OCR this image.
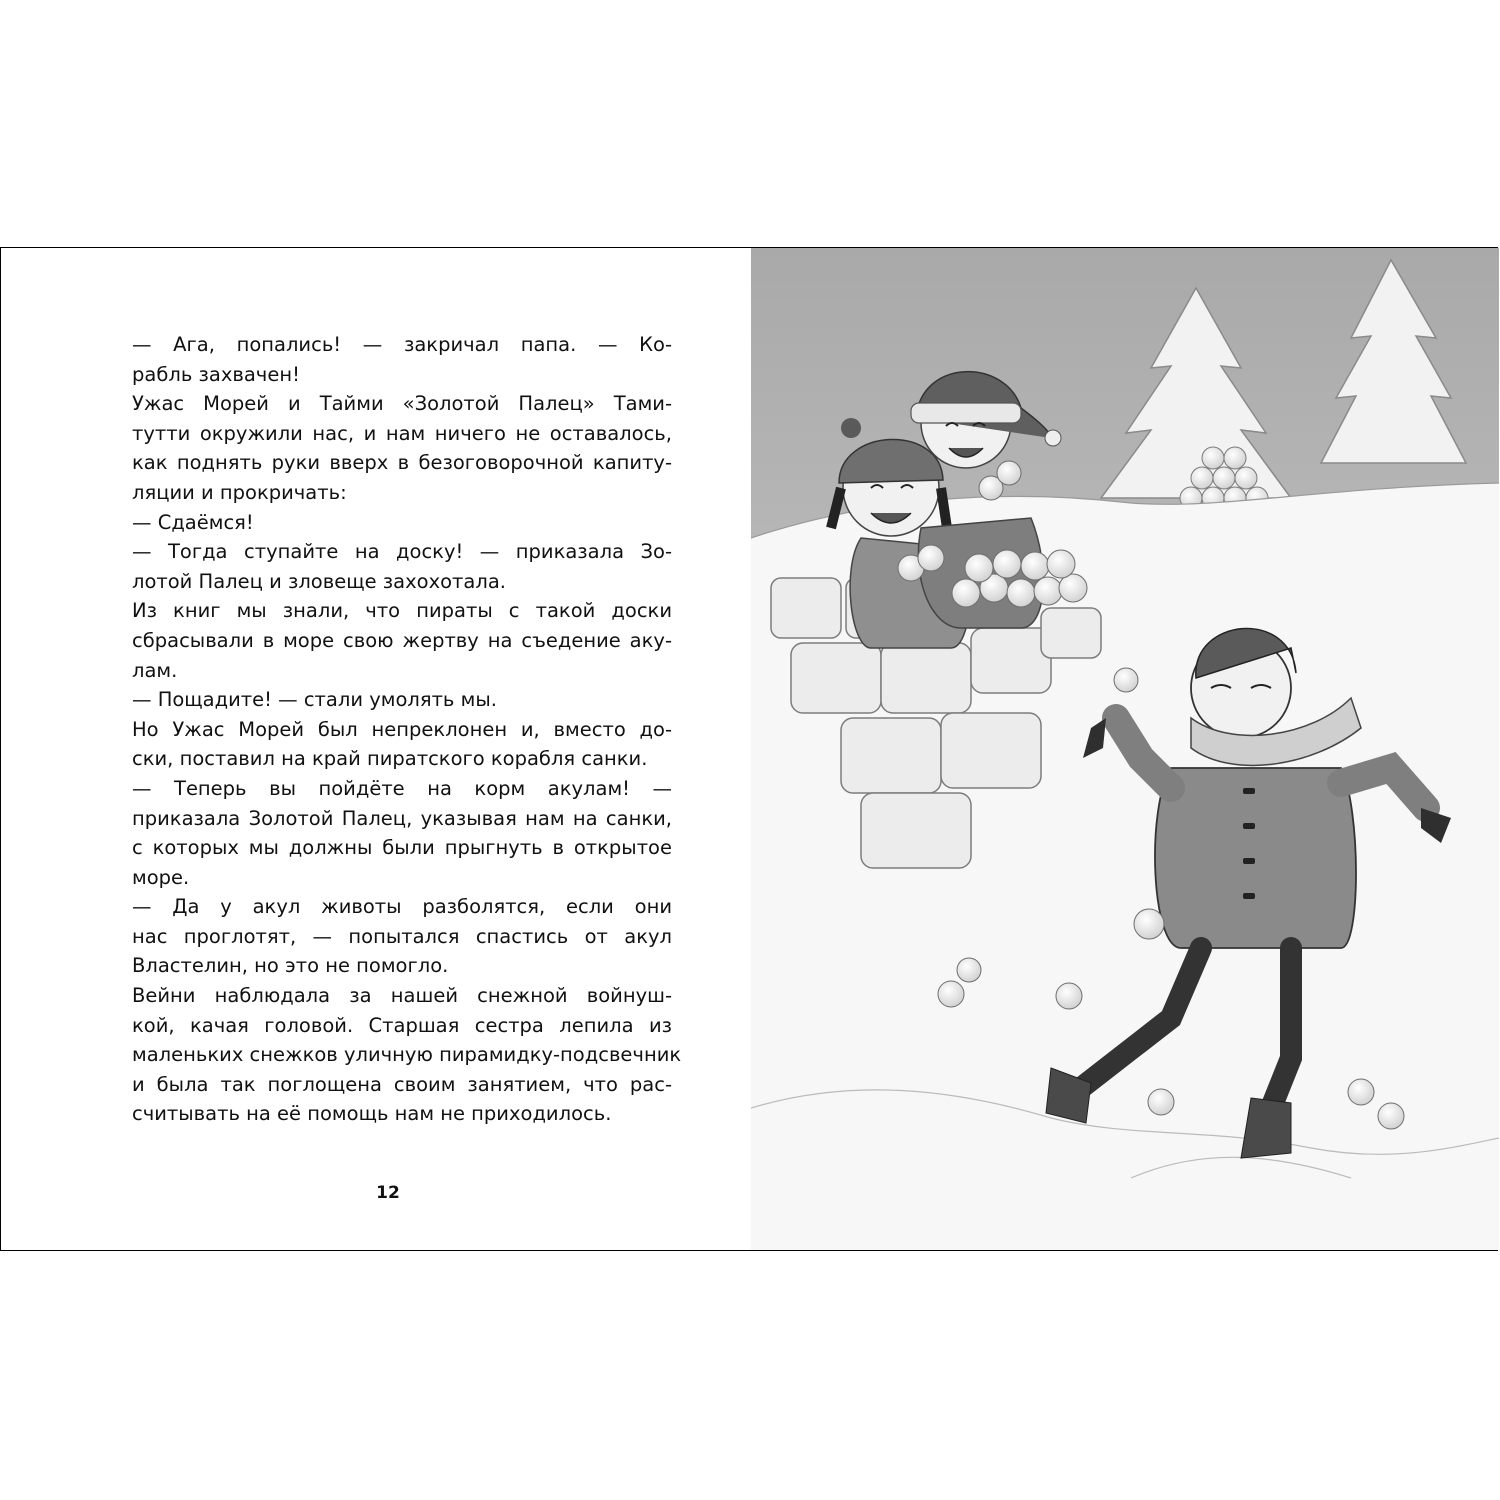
— Ага, попались! — закричал папа. — Ко-
рабль захвачен!
Ужас Морей и Тайми «Золотой Палец» Тами-
тутти окружили нас, и нам ничего не оставалось,
как поднять руки вверх в безоговорочной капиту-
ляции и прокричать:
— Сдаёмся!
— Тогда ступайте на доску! — приказала Зо-
лотой Палец и зловеще захохотала.
Из книг мы знали, что пираты с такой доски
сбрасывали в море свою жертву на съедение аку-
лам.
— Пощадите! — стали умолять мы.
Но Ужас Морей был непреклонен и, вместо до-
ски, поставил на край пиратского корабля санки.
— Теперь вы пойдёте на корм акулам! —
приказала Золотой Палец, указывая нам на санки,
с которых мы должны были прыгнуть в открытое
море.
— Да у акул животы разболятся, если они
нас проглотят, — попытался спастись от акул
Властелин, но это не помогло.
Вейни наблюдала за нашей снежной войнуш-
кой, качая головой. Старшая сестра лепила из
маленьких снежков уличную пирамидку-подсвечник
и была так поглощена своим занятием, что рас-
считывать на её помощь нам не приходилось.
12
